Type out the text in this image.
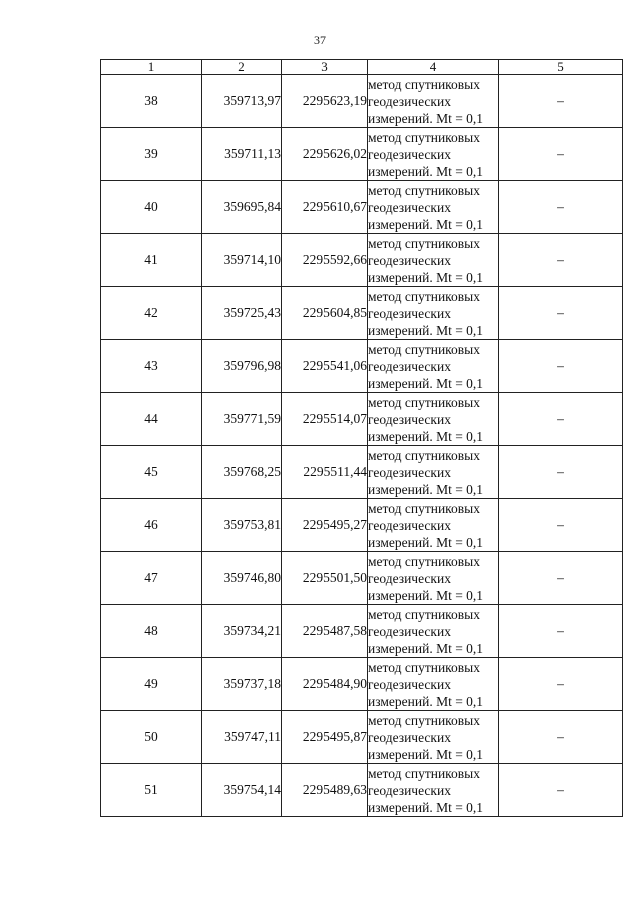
37
1	2	3	4	5
38	359713,97	2295623,19	метод спутниковых
геодезических
измерений. Mt = 0,1	–
39	359711,13	2295626,02	метод спутниковых
геодезических
измерений. Mt = 0,1	–
40	359695,84	2295610,67	метод спутниковых
геодезических
измерений. Mt = 0,1	–
41	359714,10	2295592,66	метод спутниковых
геодезических
измерений. Mt = 0,1	–
42	359725,43	2295604,85	метод спутниковых
геодезических
измерений. Mt = 0,1	–
43	359796,98	2295541,06	метод спутниковых
геодезических
измерений. Mt = 0,1	–
44	359771,59	2295514,07	метод спутниковых
геодезических
измерений. Mt = 0,1	–
45	359768,25	2295511,44	метод спутниковых
геодезических
измерений. Mt = 0,1	–
46	359753,81	2295495,27	метод спутниковых
геодезических
измерений. Mt = 0,1	–
47	359746,80	2295501,50	метод спутниковых
геодезических
измерений. Mt = 0,1	–
48	359734,21	2295487,58	метод спутниковых
геодезических
измерений. Mt = 0,1	–
49	359737,18	2295484,90	метод спутниковых
геодезических
измерений. Mt = 0,1	–
50	359747,11	2295495,87	метод спутниковых
геодезических
измерений. Mt = 0,1	–
51	359754,14	2295489,63	метод спутниковых
геодезических
измерений. Mt = 0,1	–
